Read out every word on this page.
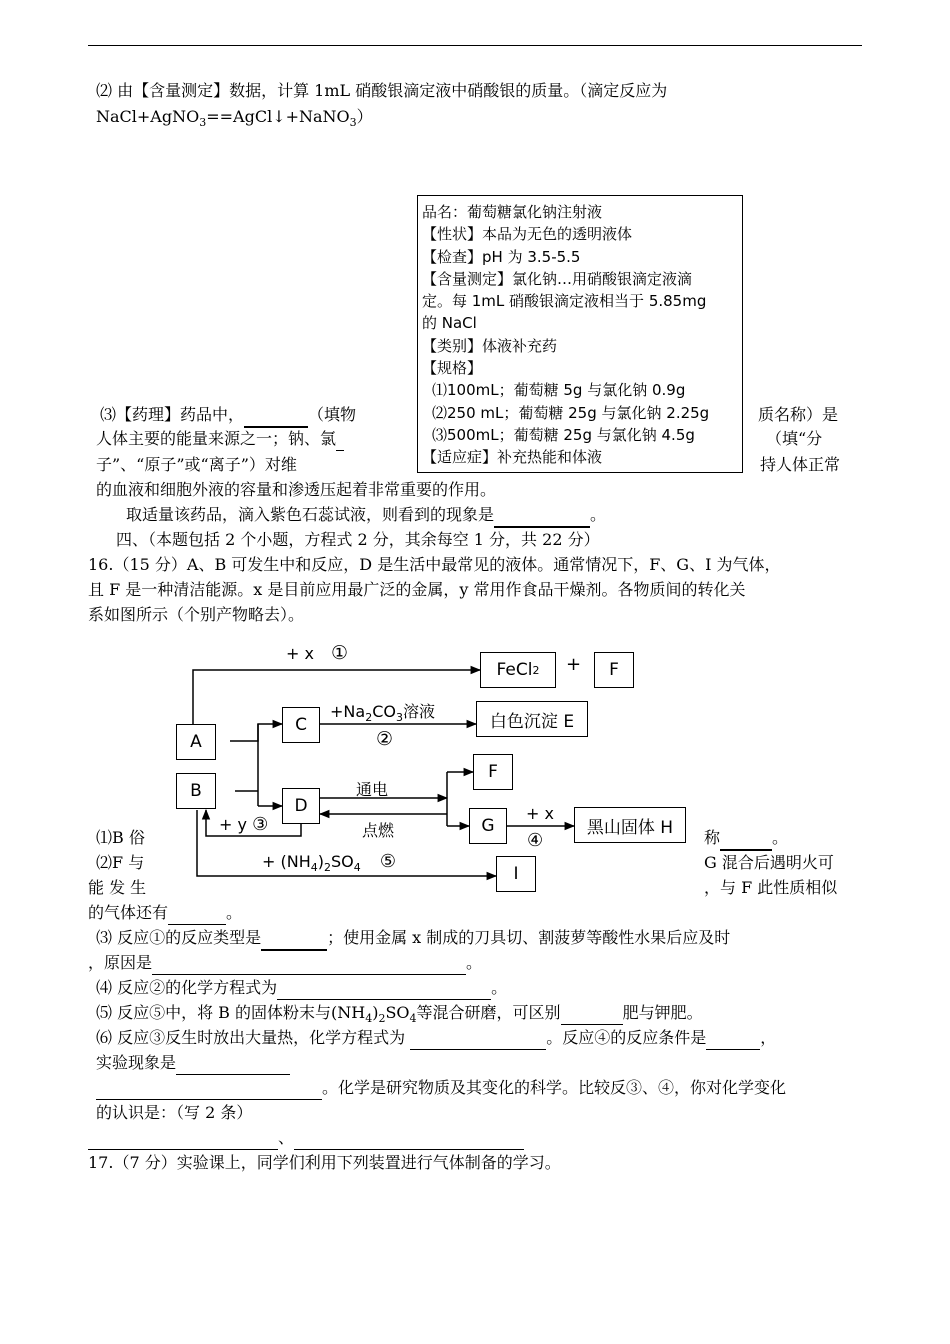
⑵ 由【含量测定】数据，计算 1mL 硝酸银滴定液中硝酸银的质量。（滴定反应为
NaCl+AgNO$_3$==AgCl↓+NaNO$_3$）
品名：葡萄糖氯化钠注射液
【性状】本品为无色的透明液体
【检查】pH 为 3.5-5.5
【含量测定】氯化钠…用硝酸银滴定液滴
定。每 1mL 硝酸银滴定液相当于 5.85mg
的 NaCl
【类别】体液补充药
【规格】
⑴100mL；葡萄糖 5g 与氯化钠 0.9g
⑵250 mL；葡萄糖 25g 与氯化钠 2.25g
⑶500mL；葡萄糖 25g 与氯化钠 4.5g
【适应症】补充热能和体液
⑶【药理】药品中，	（填物	质名称）是
人体主要的能量来源之一；钠、氯	（填“分
子”、“原子”或“离子”）对维	持人体正常
的血液和细胞外液的容量和渗透压起着非常重要的作用。
取适量该药品，滴入紫色石蕊试液，则看到的现象是	。
四、（本题包括 2 个小题，方程式 2 分，其余每空 1 分，共 22 分）
16.（15 分）A、B 可发生中和反应，D 是生活中最常见的液体。通常情况下，F、G、I 为气体，
且 F 是一种清洁能源。x 是目前应用最广泛的金属，y 常用作食品干燥剂。各物质间的转化关
系如图所示（个别产物略去）。
A
B
C
D
FeCl 2 + F
白色沉淀 E
F
G	黑山固体 H
I
+ x ①
$+Na_2CO_3$溶液
②
通电
点燃
+ y ③
+ x
④
+ $(NH_4)_2SO_4$ ⑤
⑴B 俗	称	。
⑵F 与	G 混合后遇明火可
能 发 生	，与 F 此性质相似
的气体还有	。
⑶ 反应①的反应类型是	；使用金属 x 制成的刀具切、割菠萝等酸性水果后应及时
，原因是	。
⑷ 反应②的化学方程式为	。
⑸ 反应⑤中，将 B 的固体粉末与$(NH_4)_2SO_4$等混合研磨，可区别	肥与钾肥。
⑹ 反应③反生时放出大量热，化学方程式为	。反应④的反应条件是	，
实验现象是
。化学是研究物质及其变化的科学。比较反③、④，你对化学变化
的认识是：（写 2 条）
、
17.（7 分）实验课上，同学们利用下列装置进行气体制备的学习。
